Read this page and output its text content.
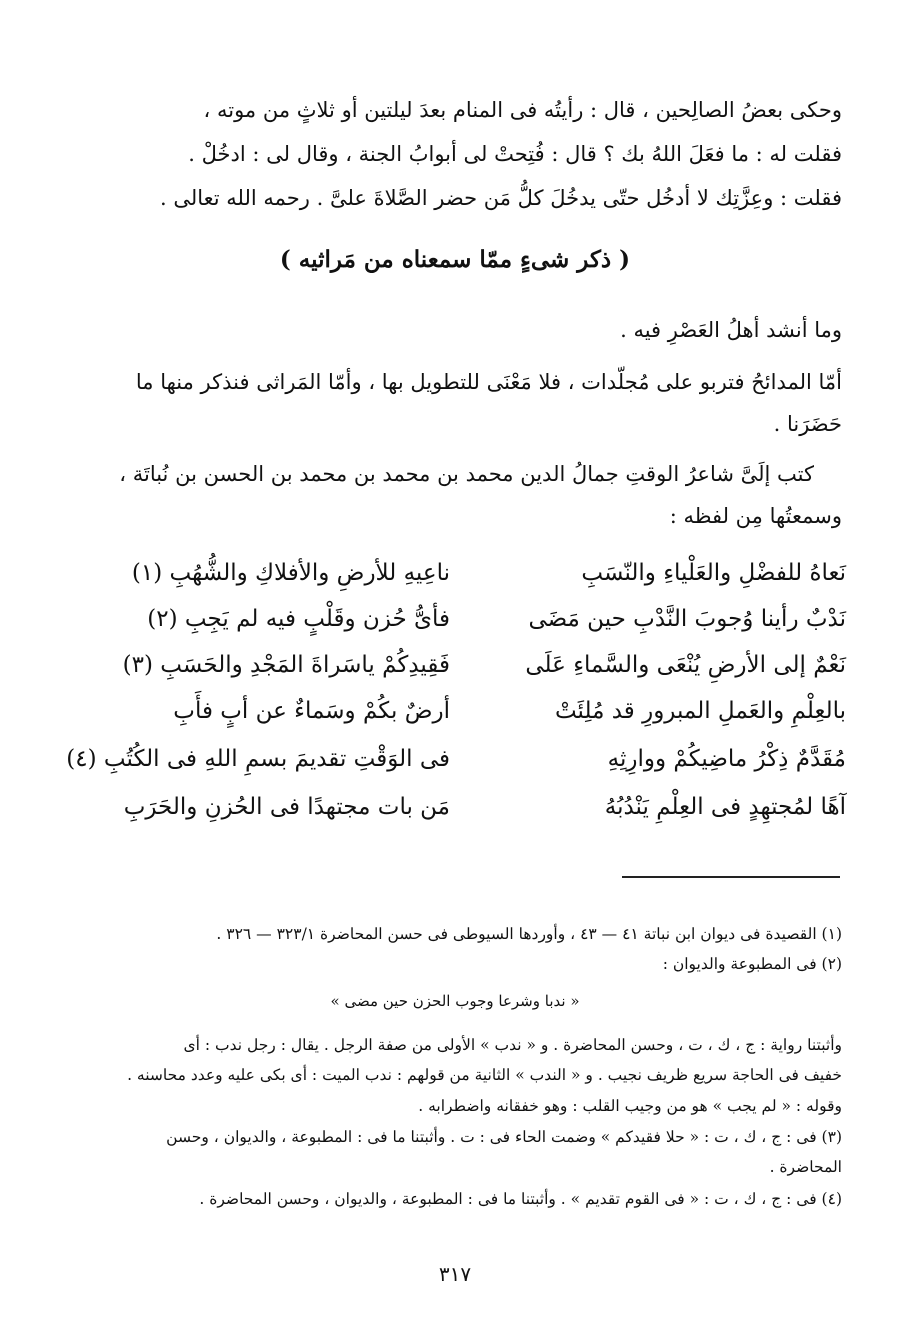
وحكى بعضُ الصالِحين ، قال : رأيتُه فى المنام بعدَ ليلتين أو ثلاثٍ من موته ،
فقلت له : ما فعَلَ اللهُ بك ؟ قال : فُتِحتْ لى أبوابُ الجنة ، وقال لى : ادخُلْ .
فقلت : وعِزَّتِك لا أدخُل حتّى يدخُلَ كلُّ مَن حضر الصَّلاةَ علىَّ . رحمه الله تعالى .
( ذكر شىءٍ ممّا سمعناه من مَراثيه )
وما أنشد أهلُ العَصْرِ فيه .
أمّا المدائحُ فتربو على مُجلّدات ، فلا مَعْنَى للتطويل بها ، وأمّا المَراثى فنذكر منها ما
حَضَرَنا .
كتب إلَىَّ شاعرُ الوقتِ جمالُ الدين محمد بن محمد بن محمد بن الحسن بن نُباتَة ،
وسمعتُها مِن لفظه :
نَعاهُ للفضْلِ والعَلْياءِ والنّسَبِ
ناعِيهِ للأرضِ والأفلاكِ والشُّهُبِ (١)
نَدْبٌ رأينا وُجوبَ النَّدْبِ حين مَضَى
فأىُّ حُزن وقَلْبٍ فيه لم يَجِبِ (٢)
نَعْمٌ إلى الأرضِ يُنْعَى والسَّماءِ عَلَى
فَقِيدِكُمْ ياسَراةَ المَجْدِ والحَسَبِ (٣)
بالعِلْمِ والعَملِ المبرورِ قد مُلِئَتْ
أرضٌ بكُمْ وسَماءٌ عن أبٍ فأَبِ
مُقَدَّمٌ ذِكْرُ ماضِيكُمْ ووارِثِهِ
فى الوَقْتِ تقديمَ بسمِ اللهِ فى الكُتُبِ (٤)
آهًا لمُجتهِدٍ فى العِلْمِ يَنْدُبُهُ
مَن بات مجتهدًا فى الحُزنِ والحَرَبِ
(١) القصيدة فى ديوان ابن نباتة ٤١ — ٤٣ ، وأوردها السيوطى فى حسن المحاضرة ٣٢٣/١ — ٣٢٦ .
(٢) فى المطبوعة والديوان :
« ندبا وشرعا وجوب الحزن حين مضى »
وأثبتنا رواية : ج ، ك ، ت ، وحسن المحاضرة . و « ندب » الأولى من صفة الرجل . يقال : رجل ندب : أى
خفيف فى الحاجة سريع ظريف نجيب . و « الندب » الثانية من قولهم : ندب الميت : أى بكى عليه وعدد محاسنه .
وقوله : « لم يجب » هو من وجيب القلب : وهو خفقانه واضطرابه .
(٣) فى : ج ، ك ، ت : « حلا فقيدكم » وضمت الحاء فى : ت . وأثبتنا ما فى : المطبوعة ، والديوان ، وحسن
المحاضرة .
(٤) فى : ج ، ك ، ت : « فى القوم تقديم » . وأثبتنا ما فى : المطبوعة ، والديوان ، وحسن المحاضرة .
٣١٧
